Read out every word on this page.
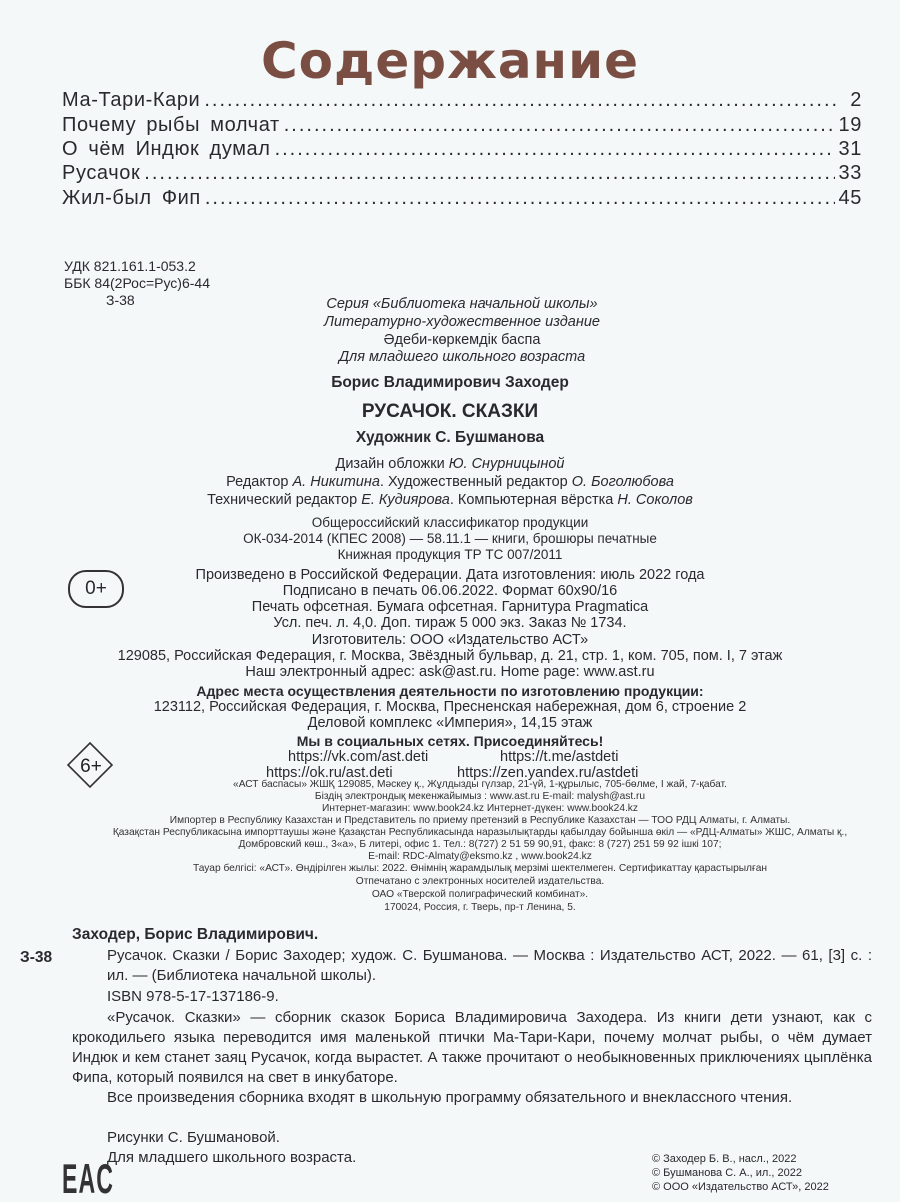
Содержание
Ма-Тари-Кари .....	2
Почему рыбы молчат .....	19
О чём Индюк думал .....	31
Русачок .....	33
Жил-был Фип .....	45
УДК 821.161.1-053.2
ББК 84(2Рос=Рус)6-44
З-38	Серия «Библиотека начальной школы»
Литературно-художественное издание
Әдеби-көркемдік баспа
Для младшего школьного возраста
Борис Владимирович Заходер
РУСАЧОК. СКАЗКИ
Художник С. Бушманова
Дизайн обложки Ю. Снурницыной
Редактор А. Никитина. Художественный редактор О. Боголюбова
Технический редактор Е. Кудиярова. Компьютерная вёрстка Н. Соколов
Общероссийский классификатор продукции
ОК-034-2014 (КПЕС 2008) — 58.11.1 — книги, брошюры печатные
Книжная продукция ТР ТС 007/2011
0+
Произведено в Российской Федерации. Дата изготовления: июль 2022 года
Подписано в печать 06.06.2022. Формат 60х90/16
Печать офсетная. Бумага офсетная. Гарнитура Pragmatica
Усл. печ. л. 4,0. Доп. тираж 5 000 экз. Заказ № 1734.
Изготовитель: ООО «Издательство АСТ»
129085, Российская Федерация, г. Москва, Звёздный бульвар, д. 21, стр. 1, ком. 705, пом. I, 7 этаж
Наш электронный адрес: ask@ast.ru. Home page: www.ast.ru
Адрес места осуществления деятельности по изготовлению продукции:
123112, Российская Федерация, г. Москва, Пресненская набережная, дом 6, строение 2
Деловой комплекс «Империя», 14,15 этаж
Мы в социальных сетях. Присоединяйтесь!
https://vk.com/ast.deti	https://t.me/astdeti
https://ok.ru/ast.deti	https://zen.yandex.ru/astdeti
6+
«АСТ баспасы» ЖШҚ 129085, Мәскеу қ., Жұлдызды гүлзар, 21-үй, 1-құрылыс, 705-бөлме, I жай, 7-қабат.
Біздің электрондық мекенжайымыз : www.ast.ru E-mail: malysh@ast.ru
Интернет-магазин: www.book24.kz Интернет-дүкен: www.book24.kz
Импортер в Республику Казахстан и Представитель по приему претензий в Республике Казахстан — ТОО РДЦ Алматы, г. Алматы.
Қазақстан Республикасына импорттаушы және Қазақстан Республикасында наразылықтарды қабылдау бойынша өкіл — «РДЦ-Алматы» ЖШС, Алматы қ.,
Домбровский көш., 3«а», Б литері, офис 1. Тел.: 8(727) 2 51 59 90,91, факс: 8 (727) 251 59 92 ішкі 107;
E-mail: RDC-Almaty@eksmo.kz , www.book24.kz
Тауар белгісі: «АСТ». Өндірілген жылы: 2022. Өнімнің жарамдылық мерзімі шектелмеген. Сертификаттау қарастырылған
Отпечатано с электронных носителей издательства.
ОАО «Тверской полиграфический комбинат».
170024, Россия, г. Тверь, пр-т Ленина, 5.
Заходер, Борис Владимирович.
З-38	Русачок. Сказки / Борис Заходер; худож. С. Бушманова. — Москва : Издательство АСТ, 2022. — 61, [3] с. : ил. — (Библиотека начальной школы).
ISBN 978-5-17-137186-9.
«Русачок. Сказки» — сборник сказок Бориса Владимировича Заходера. Из книги дети узнают, как с крокодильего языка переводится имя маленькой птички Ма-Тари-Кари, почему молчат рыбы, о чём думает Индюк и кем станет заяц Русачок, когда вырастет. А также прочитают о необыкновенных приключениях цыплёнка Фипа, который появился на свет в инкубаторе.
Все произведения сборника входят в школьную программу обязательного и внеклассного чтения.
Рисунки С. Бушмановой.
Для младшего школьного возраста.
EAC	© Заходер Б. В., насл., 2022
© Бушманова С. А., ил., 2022
© ООО «Издательство АСТ», 2022
